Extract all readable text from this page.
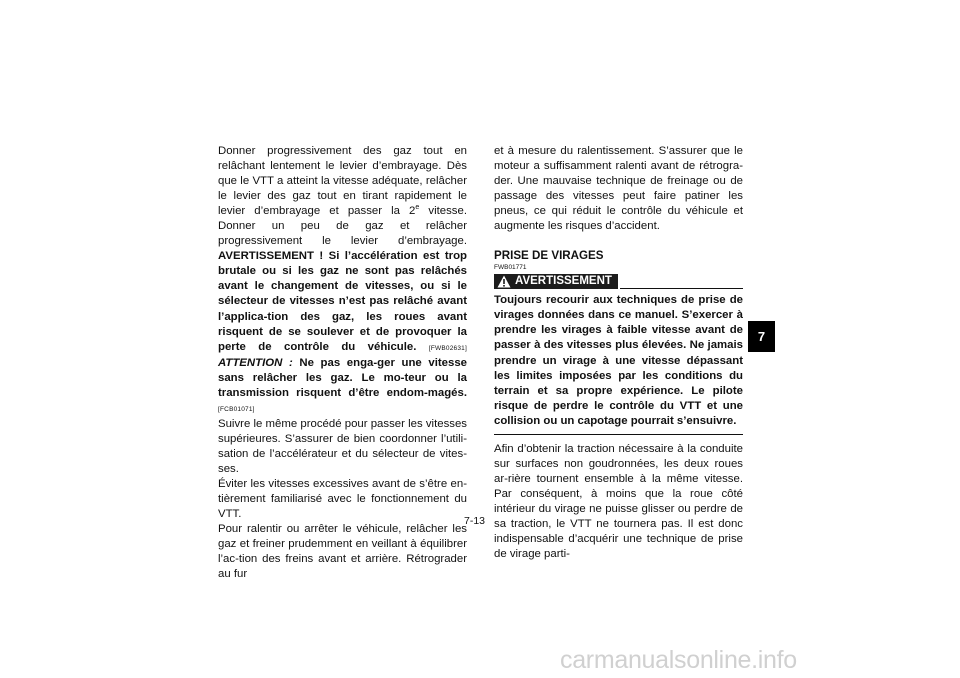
Donner progressivement des gaz tout en relâchant lentement le levier d’embrayage. Dès que le VTT a atteint la vitesse adéquate, relâcher le levier des gaz tout en tirant rapidement le levier d’embrayage et passer la 2e vitesse. Donner un peu de gaz et relâcher progressivement le levier d’embrayage. AVERTISSEMENT ! Si l’accélération est trop brutale ou si les gaz ne sont pas relâchés avant le changement de vitesses, ou si le sélecteur de vitesses n’est pas relâché avant l’applica-tion des gaz, les roues avant risquent de se soulever et de provoquer la perte de contrôle du véhicule. [FWB02631] ATTENTION : Ne pas enga-ger une vitesse sans relâcher les gaz. Le mo-teur ou la transmission risquent d’être endom-magés. [FCB01071]

Suivre le même procédé pour passer les vitesses supérieures. S’assurer de bien coordonner l’utili-sation de l’accélérateur et du sélecteur de vites-ses.

Éviter les vitesses excessives avant de s’être en-tièrement familiarisé avec le fonctionnement du VTT.

Pour ralentir ou arrêter le véhicule, relâcher les gaz et freiner prudemment en veillant à équilibrer l’ac-tion des freins avant et arrière. Rétrograder au fur

et à mesure du ralentissement. S’assurer que le moteur a suffisamment ralenti avant de rétrogra-der. Une mauvaise technique de freinage ou de passage des vitesses peut faire patiner les pneus, ce qui réduit le contrôle du véhicule et augmente les risques d’accident.

PRISE DE VIRAGES

FWB01771

AVERTISSEMENT

Toujours recourir aux techniques de prise de virages données dans ce manuel. S’exercer à prendre les virages à faible vitesse avant de passer à des vitesses plus élevées. Ne jamais prendre un virage à une vitesse dépassant les limites imposées par les conditions du terrain et sa propre expérience. Le pilote risque de perdre le contrôle du VTT et une collision ou un capotage pourrait s’ensuivre.

Afin d’obtenir la traction nécessaire à la conduite sur surfaces non goudronnées, les deux roues ar-rière tournent ensemble à la même vitesse. Par conséquent, à moins que la roue côté intérieur du virage ne puisse glisser ou perdre de sa traction, le VTT ne tournera pas. Il est donc indispensable d’acquérir une technique de prise de virage parti-

7-13
7
carmanualsonline.info
